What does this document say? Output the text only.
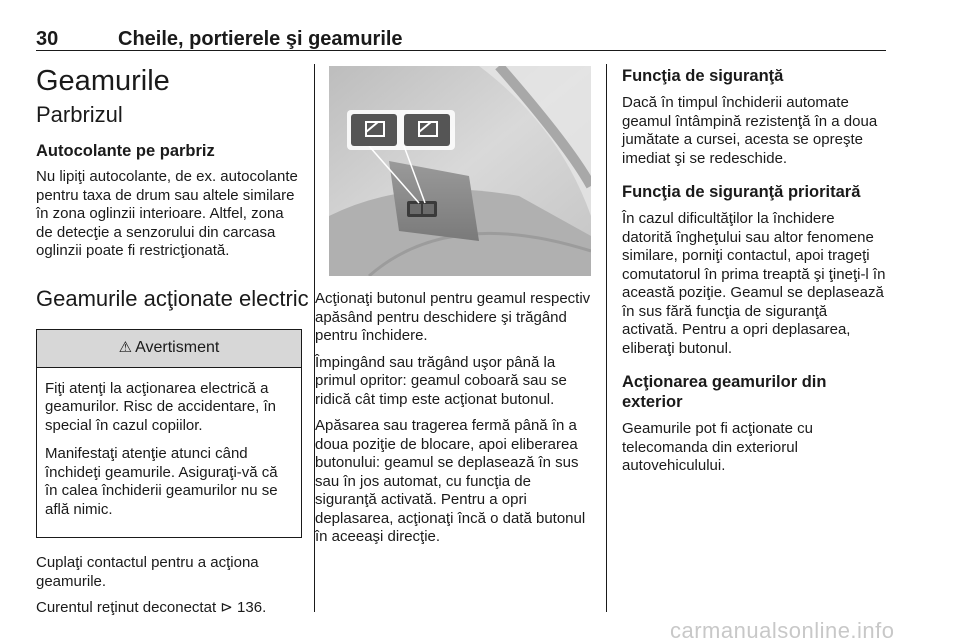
30	Cheile, portierele şi geamurile
Geamurile
Parbrizul
Autocolante pe parbriz
Nu lipiţi autocolante, de ex. autocolante pentru taxa de drum sau altele similare în zona oglinzii interioare. Altfel, zona de detecţie a senzorului din carcasa oglinzii poate fi restricţionată.
Geamurile acţionate electric
⚠ Avertisment
Fiţi atenţi la acţionarea electrică a geamurilor. Risc de accidentare, în special în cazul copiilor.
Manifestaţi atenţie atunci când închideţi geamurile. Asiguraţi-vă că în calea închiderii geamurilor nu se află nimic.
Cuplaţi contactul pentru a acţiona geamurile.
Curentul reţinut deconectat ⊳ 136.
Acţionaţi butonul pentru geamul respectiv apăsând pentru deschidere şi trăgând pentru închidere.
Împingând sau trăgând uşor până la primul opritor: geamul coboară sau se ridică cât timp este acţionat butonul.
Apăsarea sau tragerea fermă până în a doua poziţie de blocare, apoi eliberarea butonului: geamul se deplasează în sus sau în jos automat, cu funcţia de siguranţă activată. Pentru a opri deplasarea, acţionaţi încă o dată butonul în aceeaşi direcţie.
Funcţia de siguranţă
Dacă în timpul închiderii automate geamul întâmpină rezistenţă în a doua jumătate a cursei, acesta se opreşte imediat şi se redeschide.
Funcţia de siguranţă prioritară
În cazul dificultăţilor la închidere datorită îngheţului sau altor fenomene similare, porniţi contactul, apoi trageţi comutatorul în prima treaptă şi ţineţi-l în această poziţie. Geamul se deplasează în sus fără funcţia de siguranţă activată. Pentru a opri deplasarea, eliberaţi butonul.
Acţionarea geamurilor din exterior
Geamurile pot fi acţionate cu telecomanda din exteriorul autovehiculului.
carmanualsonline.info
